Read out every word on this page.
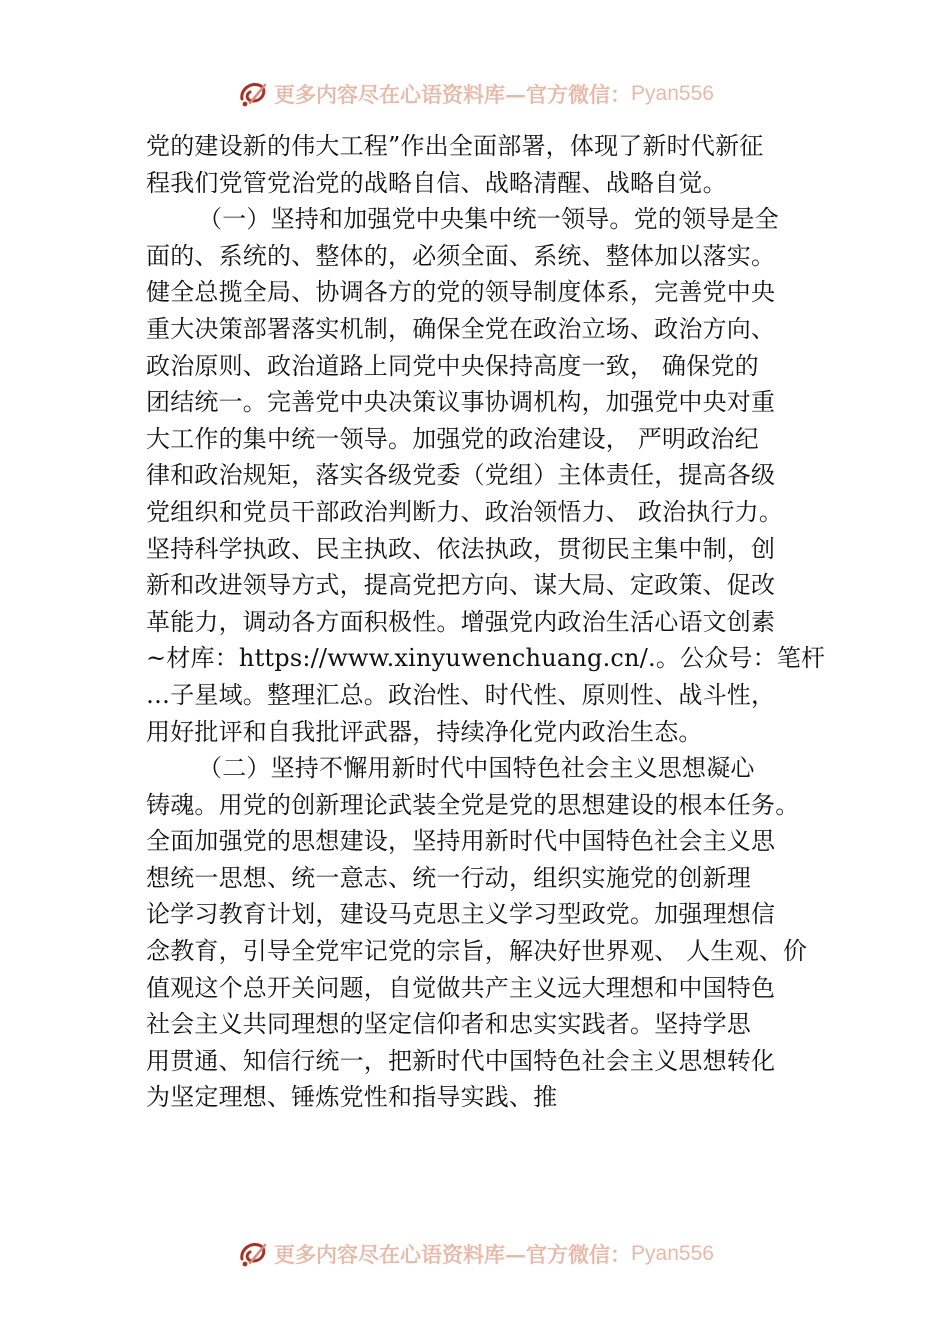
更多内容尽在心语资料库—官方微信： Pyan556
党的建设新的伟大工程”作出全面部署，体现了新时代新征
程我们党管党治党的战略自信、战略清醒、战略自觉。
（一）坚持和加强党中央集中统一领导。党的领导是全
面的、系统的、整体的，必须全面、系统、整体加以落实。
健全总揽全局、协调各方的党的领导制度体系，完善党中央
重大决策部署落实机制，确保全党在政治立场、政治方向、
政治原则、政治道路上同党中央保持高度一致， 确保党的
团结统一。完善党中央决策议事协调机构，加强党中央对重
大工作的集中统一领导。加强党的政治建设， 严明政治纪
律和政治规矩，落实各级党委（党组）主体责任，提高各级
党组织和党员干部政治判断力、政治领悟力、 政治执行力。
坚持科学执政、民主执政、依法执政，贯彻民主集中制，创
新和改进领导方式，提高党把方向、谋大局、定政策、促改
革能力，调动各方面积极性。增强党内政治生活心语文创素
~材库：https://www.xinyuwenchuang.cn/.。公众号：笔杆
…子星域。整理汇总。政治性、时代性、原则性、战斗性，
用好批评和自我批评武器，持续净化党内政治生态。
（二）坚持不懈用新时代中国特色社会主义思想凝心
铸魂。用党的创新理论武装全党是党的思想建设的根本任务。
全面加强党的思想建设，坚持用新时代中国特色社会主义思
想统一思想、统一意志、统一行动，组织实施党的创新理
论学习教育计划，建设马克思主义学习型政党。加强理想信
念教育，引导全党牢记党的宗旨，解决好世界观、 人生观、价
值观这个总开关问题，自觉做共产主义远大理想和中国特色
社会主义共同理想的坚定信仰者和忠实实践者。坚持学思
用贯通、知信行统一，把新时代中国特色社会主义思想转化
为坚定理想、锤炼党性和指导实践、推
更多内容尽在心语资料库—官方微信： Pyan556
